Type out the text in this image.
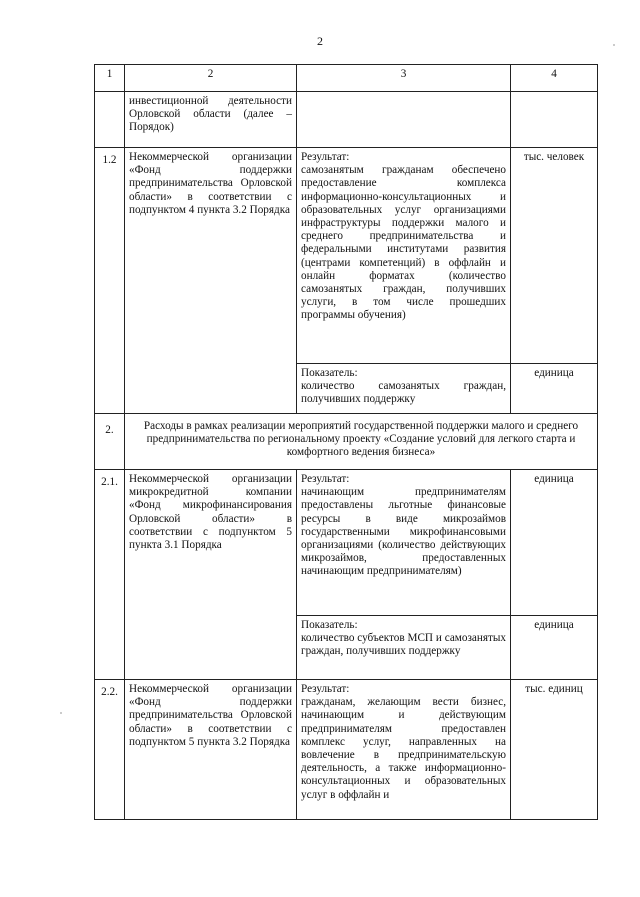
2
1	2	3	4
	инвестиционной деятельности Орловской области (далее – Порядок)		
1.2	Некоммерческой организации «Фонд поддержки предпринимательства Орловской области» в соответствии с подпунктом 4 пункта 3.2 Порядка	Результат:
самозанятым гражданам обеспечено предоставление комплекса информационно-консультационных и образовательных услуг организациями инфраструктуры поддержки малого и среднего предпринимательства и федеральными институтами развития (центрами компетенций) в оффлайн и онлайн форматах (количество самозанятых граждан, получивших услуги, в том числе прошедших программы обучения)	тыс. человек
		Показатель:
количество самозанятых граждан, получивших поддержку	единица
2.	Расходы в рамках реализации мероприятий государственной поддержки малого и среднего предпринимательства по региональному проекту «Создание условий для легкого старта и комфортного ведения бизнеса»		
2.1.	Некоммерческой организации микрокредитной компании «Фонд микрофинансирования Орловской области» в соответствии с подпунктом 5 пункта 3.1 Порядка	Результат:
начинающим предпринимателям предоставлены льготные финансовые ресурсы в виде микрозаймов государственными микрофинансовыми организациями (количество действующих микрозаймов, предоставленных начинающим предпринимателям)	единица
		Показатель:
количество субъектов МСП и самозанятых граждан, получивших поддержку	единица
2.2.	Некоммерческой организации «Фонд поддержки предпринимательства Орловской области» в соответствии с подпунктом 5 пункта 3.2 Порядка	Результат:
гражданам, желающим вести бизнес, начинающим и действующим предпринимателям предоставлен комплекс услуг, направленных на вовлечение в предпринимательскую деятельность, а также информационно-консультационных и образовательных услуг в оффлайн и	тыс. единиц
